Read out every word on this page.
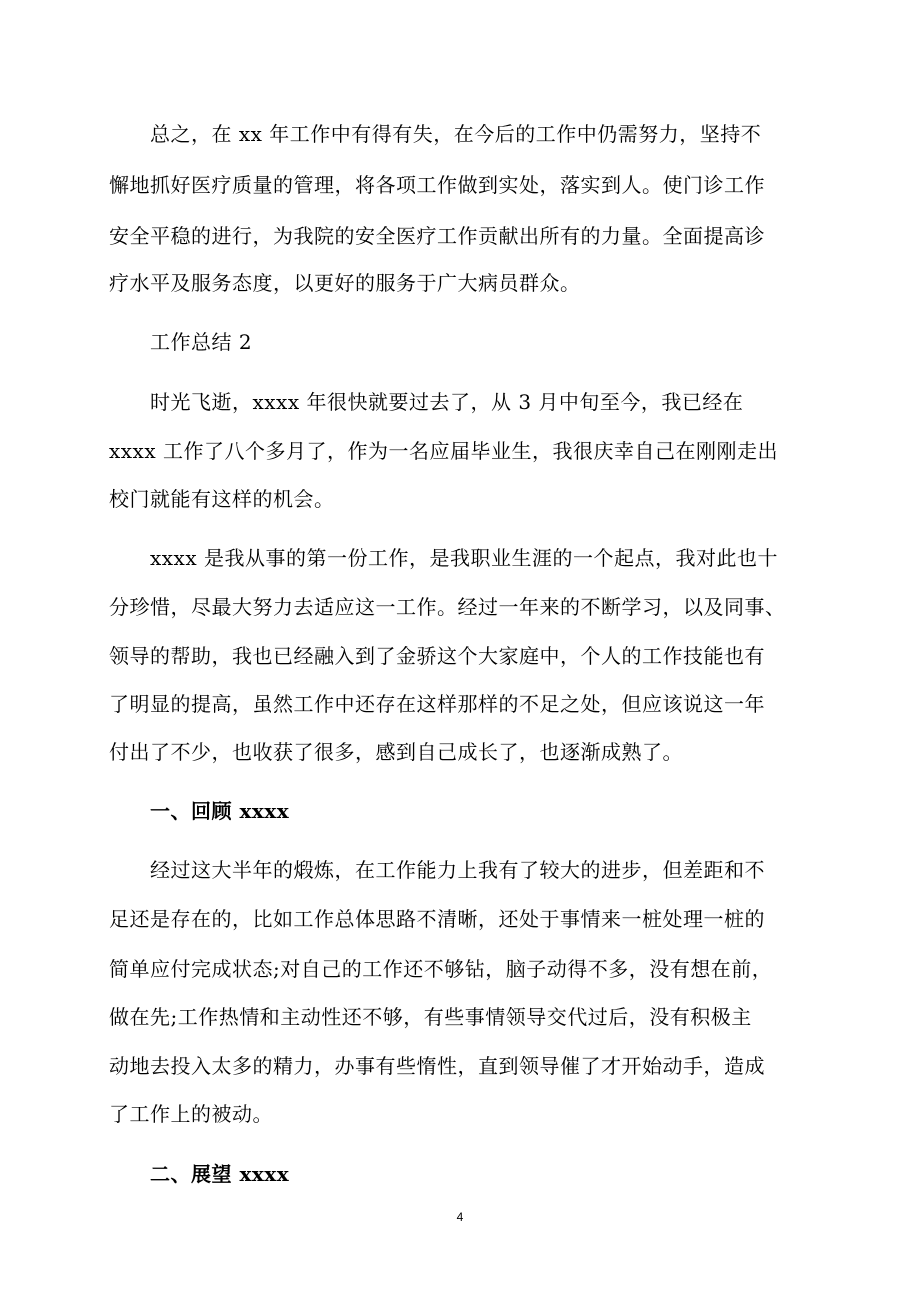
总之，在 xx 年工作中有得有失，在今后的工作中仍需努力，坚持不
懈地抓好医疗质量的管理，将各项工作做到实处，落实到人。使门诊工作
安全平稳的进行，为我院的安全医疗工作贡献出所有的力量。全面提高诊
疗水平及服务态度，以更好的服务于广大病员群众。
工作总结 2
时光飞逝，xxxx 年很快就要过去了，从 3 月中旬至今，我已经在
xxxx 工作了八个多月了，作为一名应届毕业生，我很庆幸自己在刚刚走出
校门就能有这样的机会。
xxxx 是我从事的第一份工作，是我职业生涯的一个起点，我对此也十
分珍惜，尽最大努力去适应这一工作。经过一年来的不断学习，以及同事、
领导的帮助，我也已经融入到了金骄这个大家庭中，个人的工作技能也有
了明显的提高，虽然工作中还存在这样那样的不足之处，但应该说这一年
付出了不少，也收获了很多，感到自己成长了，也逐渐成熟了。
一、回顾 xxxx
经过这大半年的煅炼，在工作能力上我有了较大的进步，但差距和不
足还是存在的，比如工作总体思路不清晰，还处于事情来一桩处理一桩的
简单应付完成状态;对自己的工作还不够钻，脑子动得不多，没有想在前，
做在先;工作热情和主动性还不够，有些事情领导交代过后，没有积极主
动地去投入太多的精力，办事有些惰性，直到领导催了才开始动手，造成
了工作上的被动。
二、展望 xxxx
4
